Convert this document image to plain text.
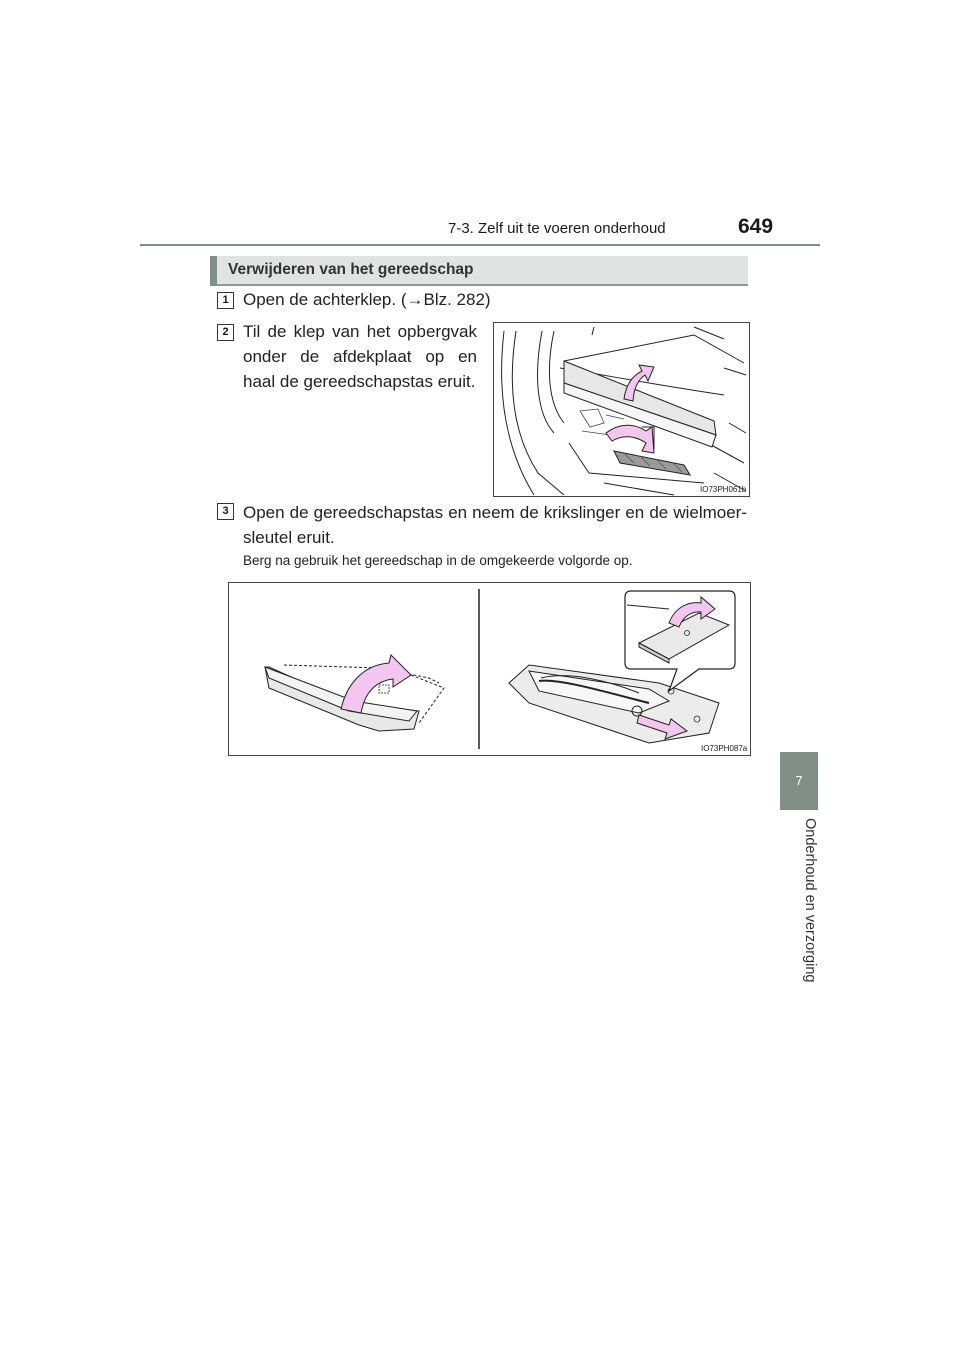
7-3. Zelf uit te voeren onderhoud	649
7
Onderhoud en verzorging
Verwijderen van het gereedschap
1 Open de achterklep. (→Blz. 282)
2 Til de klep van het opbergvak onder de afdekplaat op en haal de gereedschapstas eruit.
IO73PH061b
3 Open de gereedschapstas en neem de krikslinger en de wielmoer-sleutel eruit.
Berg na gebruik het gereedschap in de omgekeerde volgorde op.
IO73PH087a
